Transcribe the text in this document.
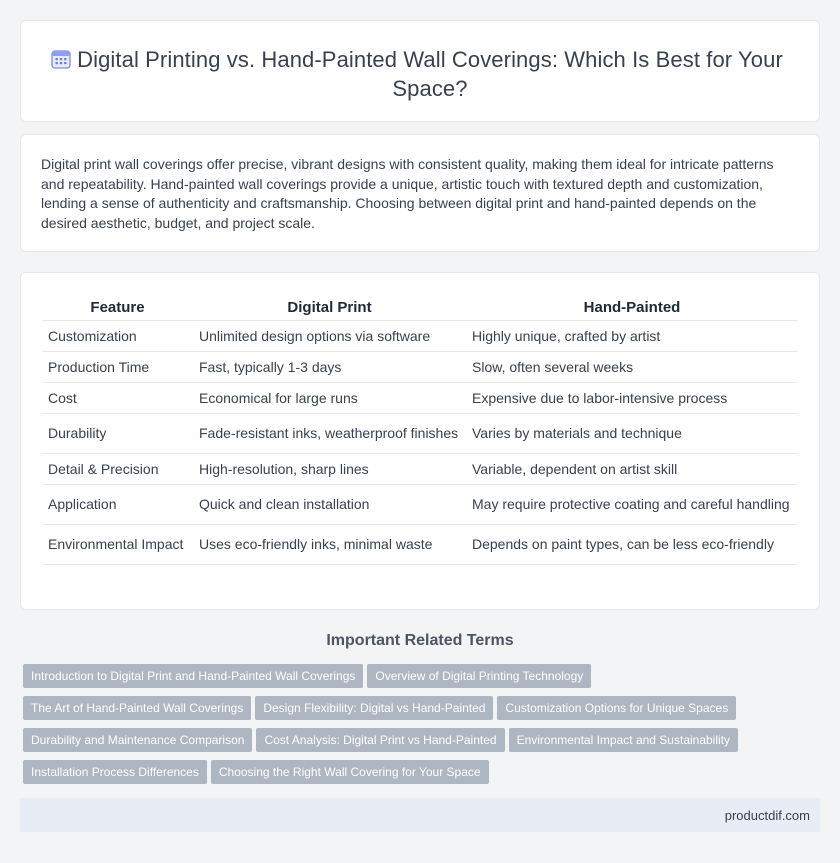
Digital Printing vs. Hand-Painted Wall Coverings: Which Is Best for Your Space?

Digital print wall coverings offer precise, vibrant designs with consistent quality, making them ideal for intricate patterns and repeatability. Hand-painted wall coverings provide a unique, artistic touch with textured depth and customization, lending a sense of authenticity and craftsmanship. Choosing between digital print and hand-painted depends on the desired aesthetic, budget, and project scale.

Feature	Digital Print	Hand-Painted
Customization	Unlimited design options via software	Highly unique, crafted by artist
Production Time	Fast, typically 1-3 days	Slow, often several weeks
Cost	Economical for large runs	Expensive due to labor-intensive process
Durability	Fade-resistant inks, weatherproof finishes	Varies by materials and technique
Detail & Precision	High-resolution, sharp lines	Variable, dependent on artist skill
Application	Quick and clean installation	May require protective coating and careful handling
Environmental Impact	Uses eco-friendly inks, minimal waste	Depends on paint types, can be less eco-friendly
Important Related Terms
Introduction to Digital Print and Hand-Painted Wall Coverings Overview of Digital Printing Technology
The Art of Hand-Painted Wall Coverings Design Flexibility: Digital vs Hand-Painted Customization Options for Unique Spaces
Durability and Maintenance Comparison Cost Analysis: Digital Print vs Hand-Painted Environmental Impact and Sustainability
Installation Process Differences Choosing the Right Wall Covering for Your Space
productdif.com
